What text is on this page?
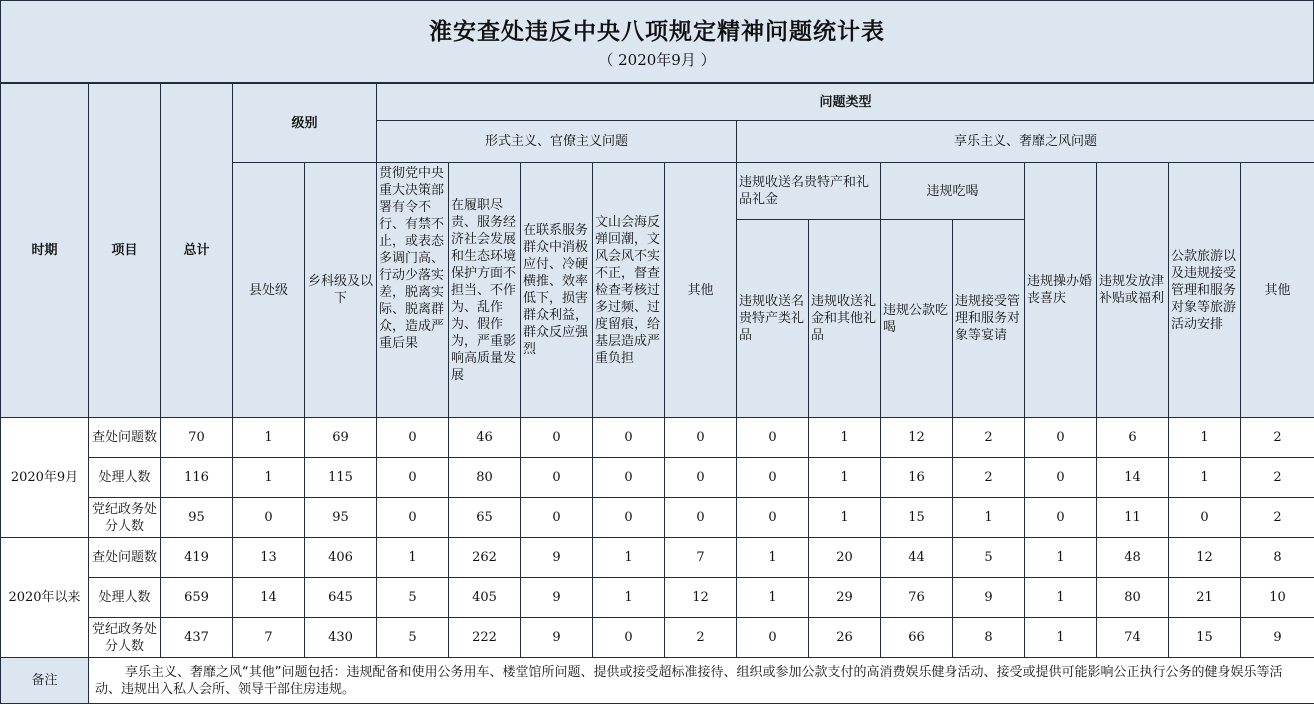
淮安查处违反中央八项规定精神问题统计表
（ 2020年9月 ）
时期	项目	总计	级别		问题类型												
					形式主义、官僚主义问题					享乐主义、奢靡之风问题							
			县处级	乡科级及以下	贯彻党中央重大决策部署有令不行、有禁不止，或表态多调门高、行动少落实差，脱离实际、脱离群众，造成严重后果	在履职尽责、服务经济社会发展和生态环境保护方面不担当、不作为、乱作为、假作为，严重影响高质量发展	在联系服务群众中消极应付、冷硬横推、效率低下，损害群众利益，群众反应强烈	文山会海反弹回潮，文风会风不实不正，督查检查考核过多过频、过度留痕，给基层造成严重负担	其他	违规收送名贵特产和礼品礼金		违规吃喝		违规操办婚丧喜庆	违规发放津补贴或福利	公款旅游以及违规接受管理和服务对象等旅游活动安排	其他
										违规收送名贵特产类礼品	违规收送礼金和其他礼品	违规公款吃喝	违规接受管理和服务对象等宴请				
2020年9月	查处问题数	70	1	69	0	46	0	0	0	0	1	12	2	0	6	1	2
	处理人数	116	1	115	0	80	0	0	0	0	1	16	2	0	14	1	2
	党纪政务处分人数	95	0	95	0	65	0	0	0	0	1	15	1	0	11	0	2
2020年以来	查处问题数	419	13	406	1	262	9	1	7	1	20	44	5	1	48	12	8
	处理人数	659	14	645	5	405	9	1	12	1	29	76	9	1	80	21	10
	党纪政务处分人数	437	7	430	5	222	9	0	2	0	26	66	8	1	74	15	9
备注	享乐主义、奢靡之风“其他”问题包括：违规配备和使用公务用车、楼堂馆所问题、提供或接受超标准接待、组织或参加公款支付的高消费娱乐健身活动、接受或提供可能影响公正执行公务的健身娱乐等活动、违规出入私人会所、领导干部住房违规。																
